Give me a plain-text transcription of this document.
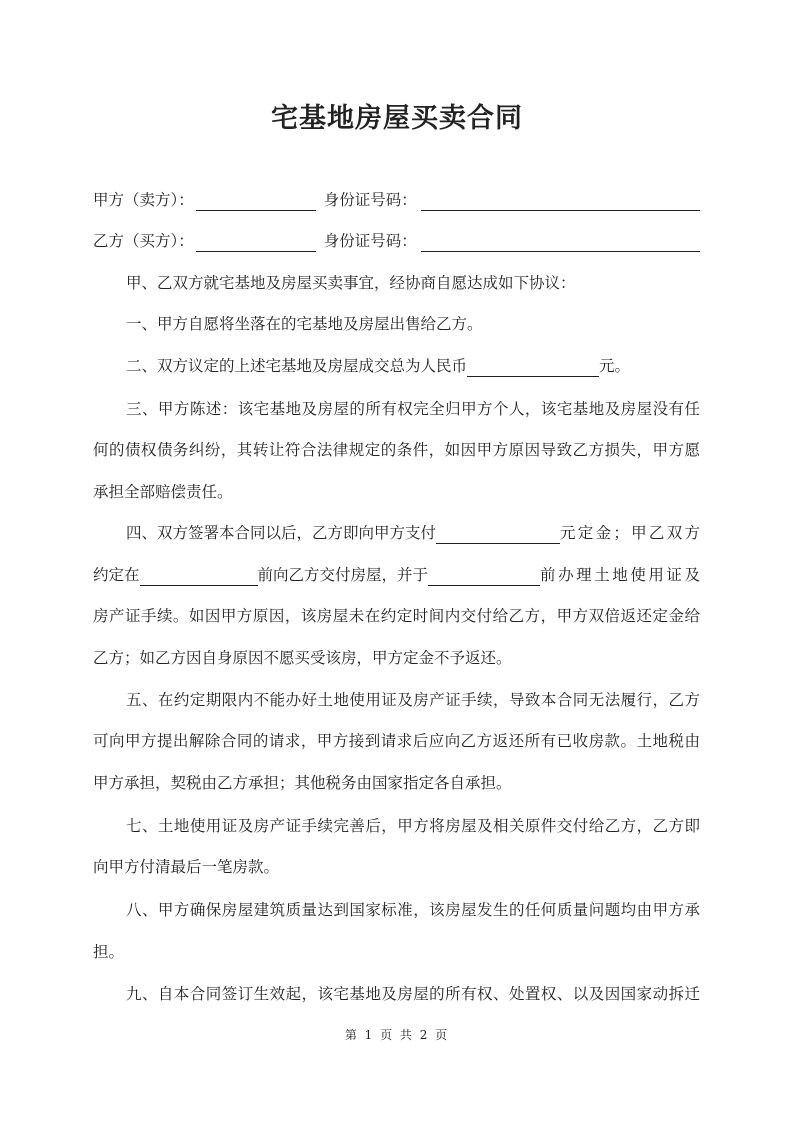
宅基地房屋买卖合同
甲方（卖方）：	身份证号码：
乙方（买方）：	身份证号码：
甲、乙双方就宅基地及房屋买卖事宜，经协商自愿达成如下协议：
一、甲方自愿将坐落在的宅基地及房屋出售给乙方。
二、双方议定的上述宅基地及房屋成交总为人民币	元。
三、甲方陈述：该宅基地及房屋的所有权完全归甲方个人，该宅基地及房屋没有任
何的债权债务纠纷，其转让符合法律规定的条件，如因甲方原因导致乙方损失，甲方愿
承担全部赔偿责任。
四、双方签署本合同以后，乙方即向甲方支付	元定金；甲乙双方
约定在	前向乙方交付房屋，并于	前办理土地使用证及
房产证手续。如因甲方原因，该房屋未在约定时间内交付给乙方，甲方双倍返还定金给
乙方；如乙方因自身原因不愿买受该房，甲方定金不予返还。
五、在约定期限内不能办好土地使用证及房产证手续，导致本合同无法履行，乙方
可向甲方提出解除合同的请求，甲方接到请求后应向乙方返还所有已收房款。土地税由
甲方承担，契税由乙方承担；其他税务由国家指定各自承担。
七、土地使用证及房产证手续完善后，甲方将房屋及相关原件交付给乙方，乙方即
向甲方付清最后一笔房款。
八、甲方确保房屋建筑质量达到国家标准，该房屋发生的任何质量问题均由甲方承
担。
九、自本合同签订生效起，该宅基地及房屋的所有权、处置权、以及因国家动拆迁
第 1 页 共 2 页
